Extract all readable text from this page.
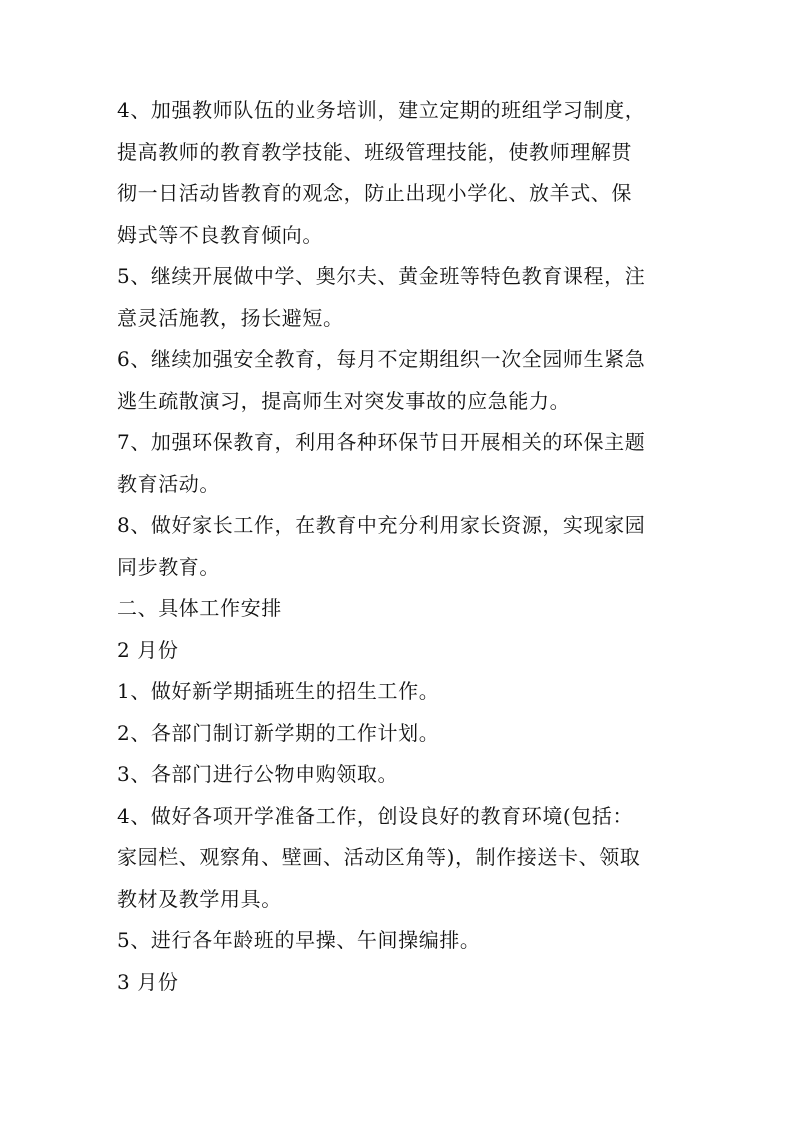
4、加强教师队伍的业务培训，建立定期的班组学习制度，
提高教师的教育教学技能、班级管理技能，使教师理解贯
彻一日活动皆教育的观念，防止出现小学化、放羊式、保
姆式等不良教育倾向。

5、继续开展做中学、奥尔夫、黄金班等特色教育课程，注
意灵活施教，扬长避短。

6、继续加强安全教育，每月不定期组织一次全园师生紧急
逃生疏散演习，提高师生对突发事故的应急能力。

7、加强环保教育，利用各种环保节日开展相关的环保主题
教育活动。

8、做好家长工作，在教育中充分利用家长资源，实现家园
同步教育。

二、具体工作安排

2 月份

1、做好新学期插班生的招生工作。

2、各部门制订新学期的工作计划。

3、各部门进行公物申购领取。

4、做好各项开学准备工作，创设良好的教育环境(包括：
家园栏、观察角、壁画、活动区角等)，制作接送卡、领取
教材及教学用具。

5、进行各年龄班的早操、午间操编排。

3 月份
